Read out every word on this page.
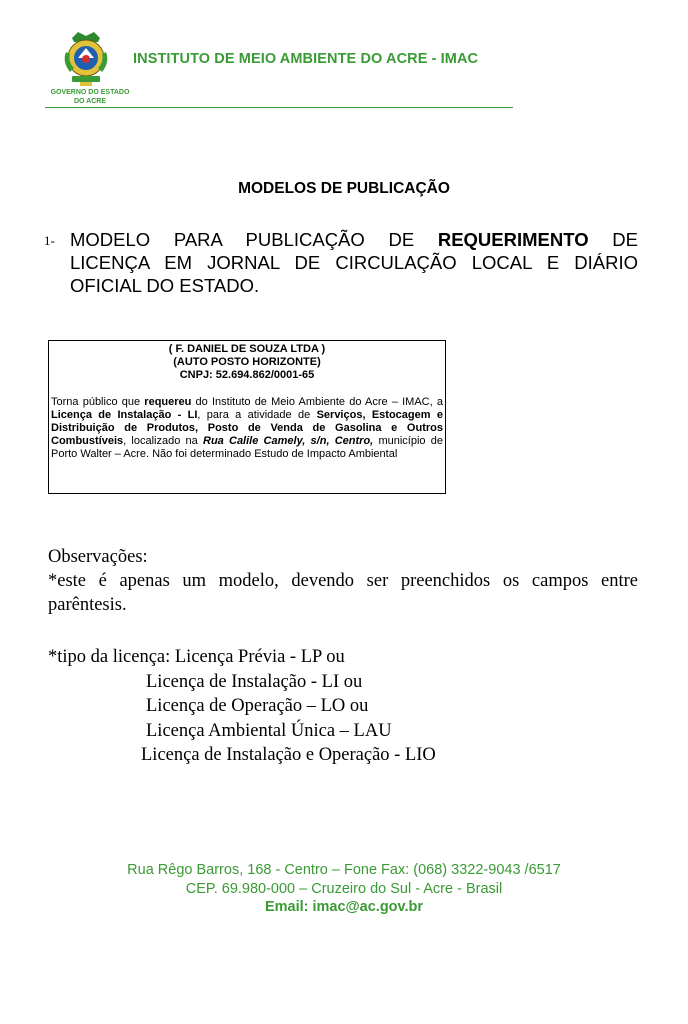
GOVERNO DO ESTADO
DO ACRE
INSTITUTO DE MEIO AMBIENTE DO ACRE - IMAC
MODELOS DE PUBLICAÇÃO
1- MODELO PARA PUBLICAÇÃO DE REQUERIMENTO DE
LICENÇA EM JORNAL DE CIRCULAÇÃO LOCAL E DIÁRIO OFICIAL DO ESTADO.
( F. DANIEL DE SOUZA LTDA )
(AUTO POSTO HORIZONTE)
CNPJ: 52.694.862/0001-65
Torna público que requereu do Instituto de Meio Ambiente do Acre – IMAC, a Licença de Instalação - LI, para a atividade de Serviços, Estocagem e Distribuição de Produtos, Posto de Venda de Gasolina e Outros Combustíveis, localizado na Rua Calile Camely, s/n, Centro, município de Porto Walter – Acre. Não foi determinado Estudo de Impacto Ambiental
Observações:
*este é apenas um modelo, devendo ser preenchidos os campos entre parêntesis.
*tipo da licença: Licença Prévia - LP ou
Licença de Instalação - LI ou
Licença de Operação – LO ou
Licença Ambiental Única – LAU
Licença de Instalação e Operação - LIO
Rua Rêgo Barros, 168 - Centro – Fone Fax: (068) 3322-9043 /6517
CEP. 69.980-000 – Cruzeiro do Sul - Acre - Brasil
Email: imac@ac.gov.br
